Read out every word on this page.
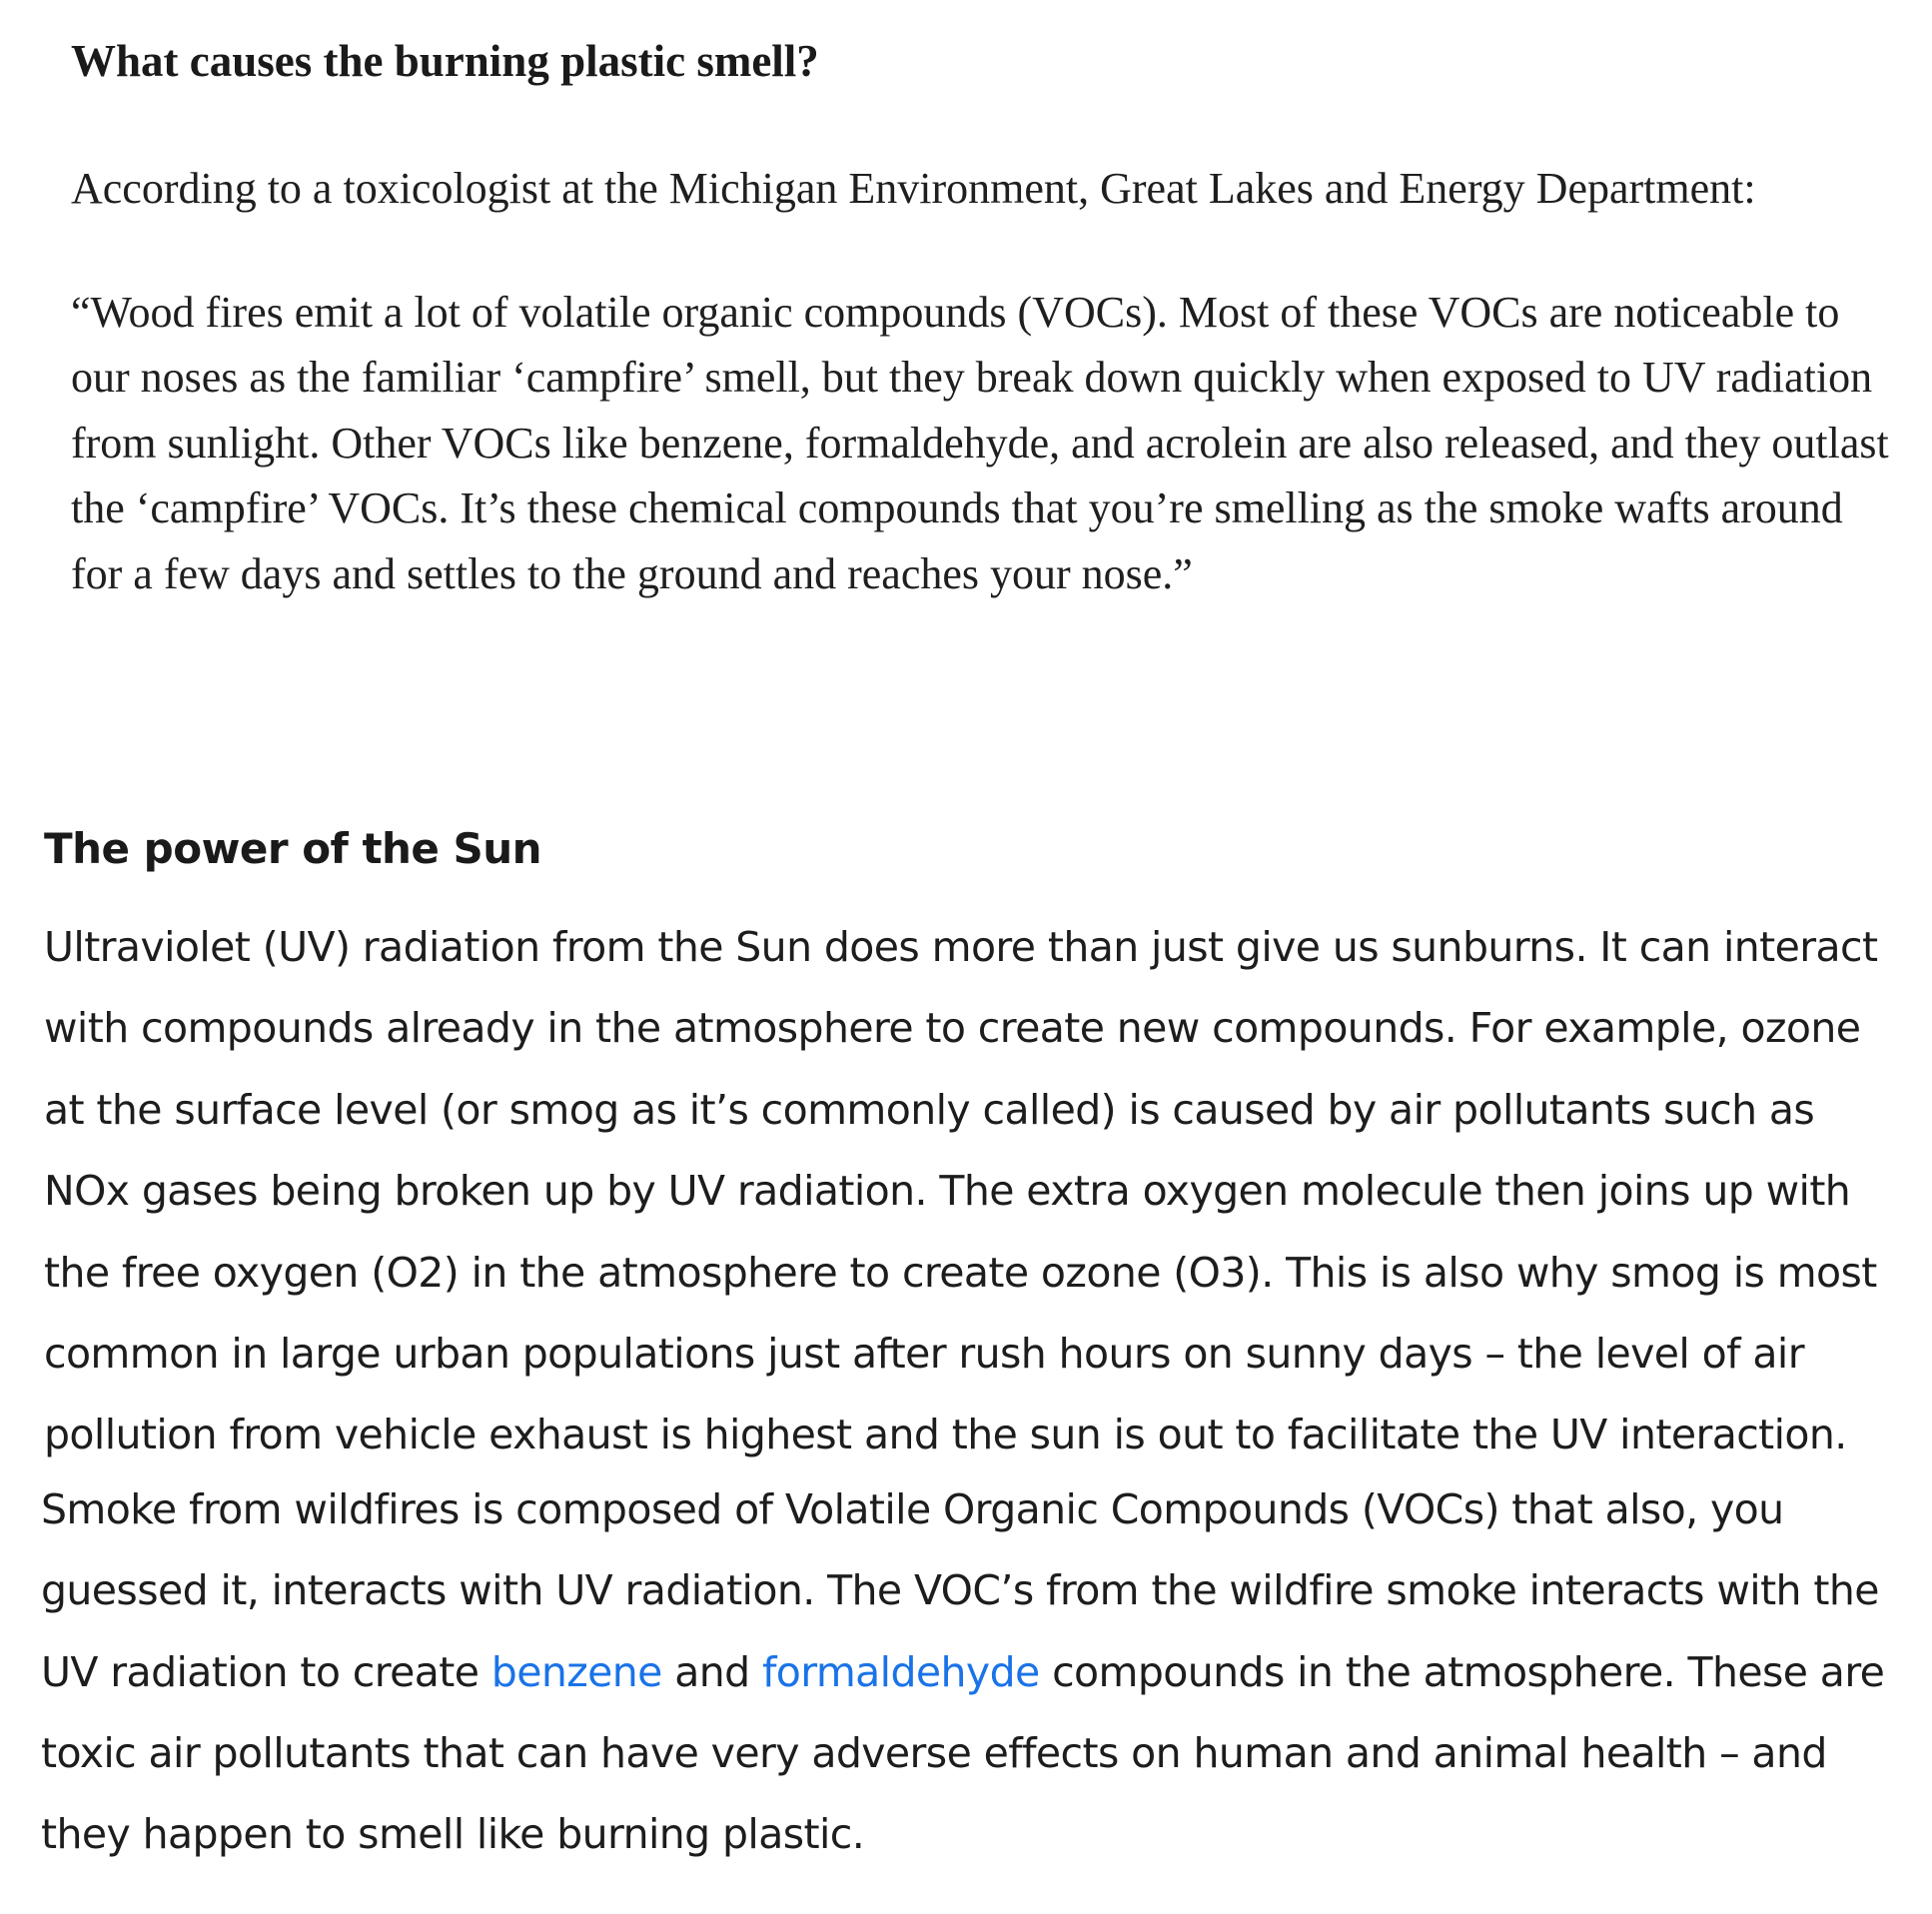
What causes the burning plastic smell?

According to a toxicologist at the Michigan Environment, Great Lakes and Energy Department:

“Wood fires emit a lot of volatile organic compounds (VOCs). Most of these VOCs are noticeable to our noses as the familiar ‘campfire’ smell, but they break down quickly when exposed to UV radiation from sunlight. Other VOCs like benzene, formaldehyde, and acrolein are also released, and they outlast the ‘campfire’ VOCs. It’s these chemical compounds that you’re smelling as the smoke wafts around for a few days and settles to the ground and reaches your nose.”

The power of the Sun

Ultraviolet (UV) radiation from the Sun does more than just give us sunburns. It can interact with compounds already in the atmosphere to create new compounds. For example, ozone at the surface level (or smog as it’s commonly called) is caused by air pollutants such as NOx gases being broken up by UV radiation. The extra oxygen molecule then joins up with the free oxygen (O2) in the atmosphere to create ozone (O3). This is also why smog is most common in large urban populations just after rush hours on sunny days – the level of air pollution from vehicle exhaust is highest and the sun is out to facilitate the UV interaction.

Smoke from wildfires is composed of Volatile Organic Compounds (VOCs) that also, you guessed it, interacts with UV radiation. The VOC’s from the wildfire smoke interacts with the UV radiation to create benzene and formaldehyde compounds in the atmosphere. These are toxic air pollutants that can have very adverse effects on human and animal health – and they happen to smell like burning plastic.
